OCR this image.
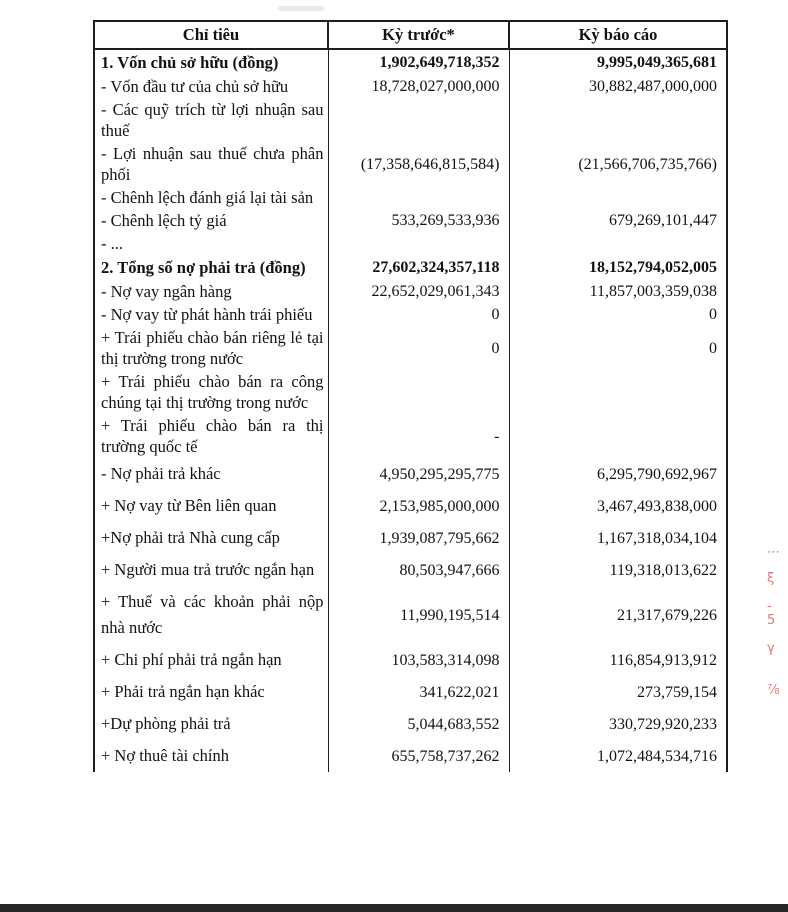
Chỉ tiêu	Kỳ trước*	Kỳ báo cáo
1. Vốn chủ sở hữu (đồng)	1,902,649,718,352	9,995,049,365,681
- Vốn đầu tư của chủ sở hữu	18,728,027,000,000	30,882,487,000,000
- Các quỹ trích từ lợi nhuận sau thuế		
- Lợi nhuận sau thuế chưa phân phối	(17,358,646,815,584)	(21,566,706,735,766)
- Chênh lệch đánh giá lại tài sản		
- Chênh lệch tỷ giá	533,269,533,936	679,269,101,447
- ...		
2. Tổng số nợ phải trả (đồng)	27,602,324,357,118	18,152,794,052,005
- Nợ vay ngân hàng	22,652,029,061,343	11,857,003,359,038
- Nợ vay từ phát hành trái phiếu	0	0
+ Trái phiếu chào bán riêng lẻ tại thị trường trong nước	0	0
+ Trái phiếu chào bán ra công chúng tại thị trường trong nước		
+ Trái phiếu chào bán ra thị trường quốc tế	-	
- Nợ phải trả khác	4,950,295,295,775	6,295,790,692,967
+ Nợ vay từ Bên liên quan	2,153,985,000,000	3,467,493,838,000
+Nợ phải trả Nhà cung cấp	1,939,087,795,662	1,167,318,034,104
+ Người mua trả trước ngắn hạn	80,503,947,666	119,318,013,622
+ Thuế và các khoản phải nộp nhà nước	11,990,195,514	21,317,679,226
+ Chi phí phải trả ngắn hạn	103,583,314,098	116,854,913,912
+ Phải trả ngắn hạn khác	341,622,021	273,759,154
+Dự phòng phải trả	5,044,683,552	330,729,920,233
+ Nợ thuê tài chính	655,758,737,262	1,072,484,534,716
⋯
ξ
-
5
γ
⅞
